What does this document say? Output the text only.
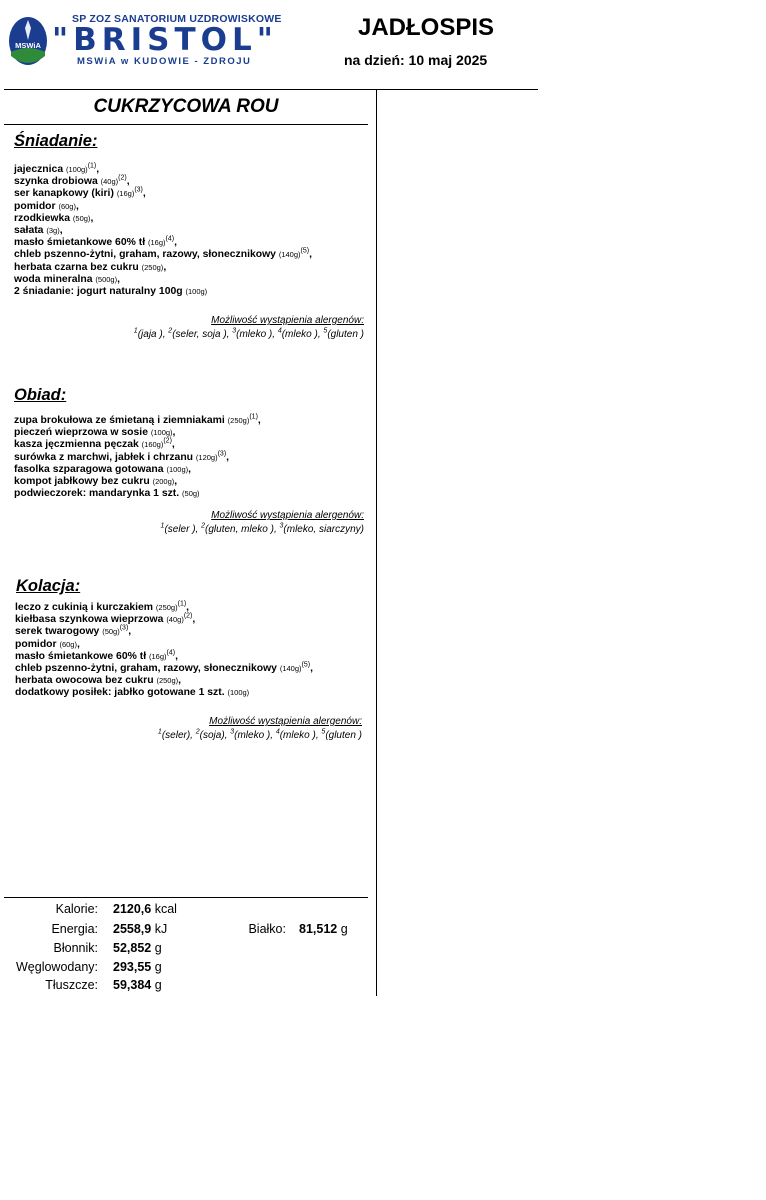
MSWiA
SP ZOZ SANATORIUM UZDROWISKOWE
"BRISTOL"
MSWiA w KUDOWIE - ZDROJU
JADŁOSPIS
na dzień: 10 maj 2025
CUKRZYCOWA ROU
Śniadanie:
jajecznica $(100g)^{(1)}$,
szynka drobiowa $(40g)^{(2)}$,
ser kanapkowy (kiri) $(16g)^{(3)}$,
pomidor (60g),
rzodkiewka (50g),
sałata (3g),
masło śmietankowe 60% tł $(16g)^{(4)}$,
chleb pszenno-żytni, graham, razowy, słonecznikowy $(140g)^{(5)}$,
herbata czarna bez cukru (250g),
woda mineralna (500g),
2 śniadanie: jogurt naturalny 100g (100g)
Możliwość wystąpienia alergenów:
$^1$(jaja ), $^2$(seler, soja ), $^3$(mleko ), $^4$(mleko ), $^5$(gluten )
Obiad:
zupa brokułowa ze śmietaną i ziemniakami $(250g)^{(1)}$,
pieczeń wieprzowa w sosie (100g),
kasza jęczmienna pęczak $(160g)^{(2)}$,
surówka z marchwi, jabłek i chrzanu $(120g)^{(3)}$,
fasolka szparagowa gotowana (100g),
kompot jabłkowy bez cukru (200g),
podwieczorek: mandarynka 1 szt. (50g)
Możliwość wystąpienia alergenów:
$^1$(seler ), $^2$(gluten, mleko ), $^3$(mleko, siarczyny)
Kolacja:
leczo z cukinią i kurczakiem $(250g)^{(1)}$,
kiełbasa szynkowa wieprzowa $(40g)^{(2)}$,
serek twarogowy $(50g)^{(3)}$,
pomidor (60g),
masło śmietankowe 60% tł $(16g)^{(4)}$,
chleb pszenno-żytni, graham, razowy, słonecznikowy $(140g)^{(5)}$,
herbata owocowa bez cukru (250g),
dodatkowy posiłek: jabłko gotowane 1 szt. (100g)
Możliwość wystąpienia alergenów:
$^1$(seler), $^2$(soja), $^3$(mleko ), $^4$(mleko ), $^5$(gluten )
Kalorie: 2120,6 kcal
Energia: 2558,9 kJ	Białko: 81,512 g
Błonnik: 52,852 g
Węglowodany: 293,55 g
Tłuszcze: 59,384 g
